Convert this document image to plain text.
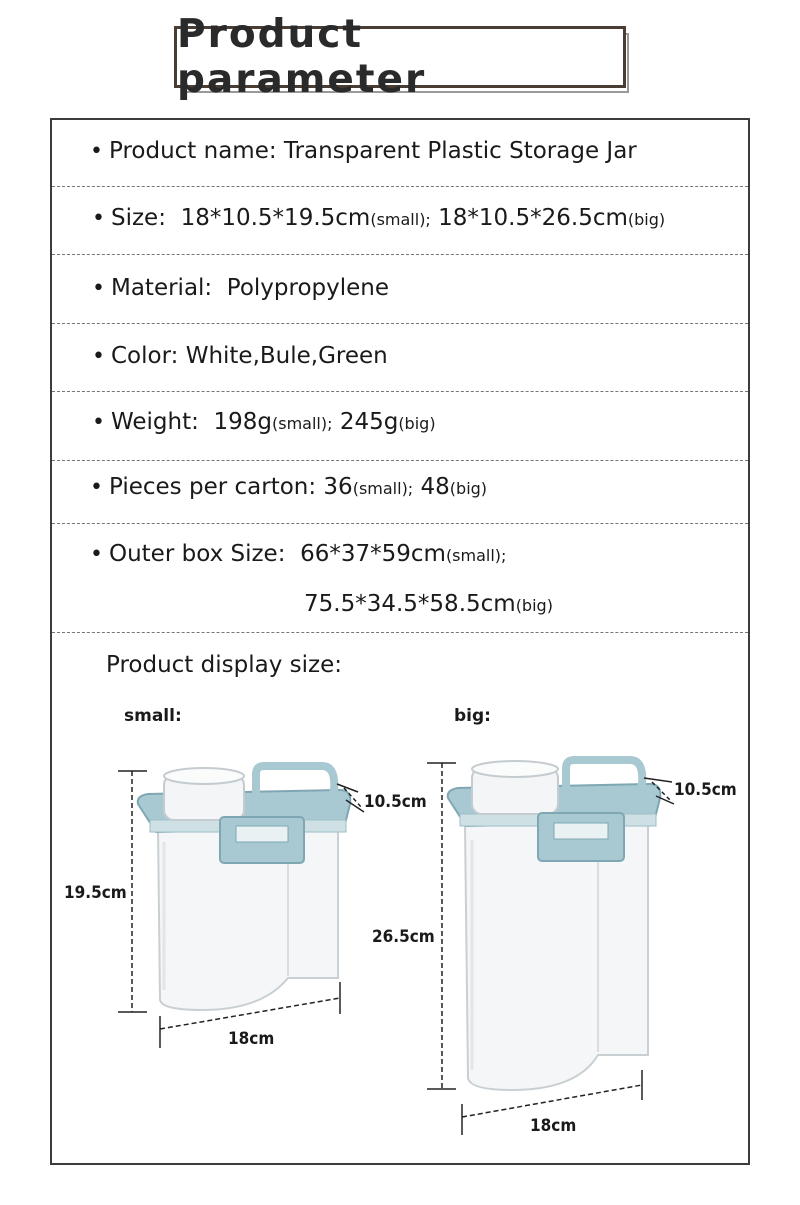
Product parameter
• Product name: Transparent Plastic Storage Jar
• Size: 18*10.5*19.5cm(small); 18*10.5*26.5cm(big)
• Material: Polypropylene
• Color: White,Bule,Green
• Weight: 198g(small); 245g(big)
• Pieces per carton: 36(small); 48(big)
• Outer box Size: 66*37*59cm(small);
75.5*34.5*58.5cm(big)
Product display size:
small:	big:
19.5cm
10.5cm
18cm
26.5cm
10.5cm
18cm
